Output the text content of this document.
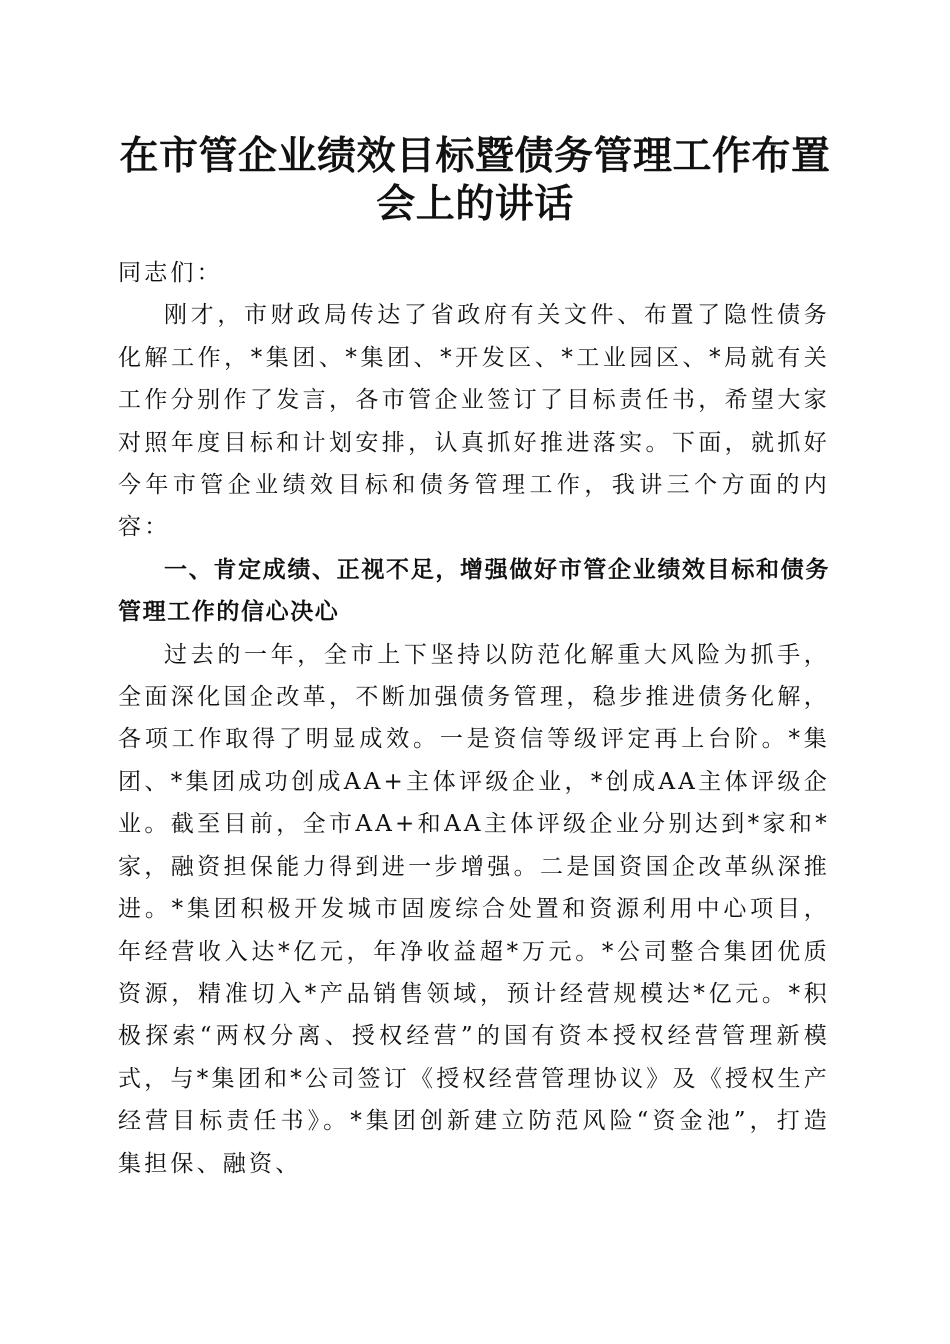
在市管企业绩效目标暨债务管理工作布置会上的讲话

同志们：

刚才，市财政局传达了省政府有关文件、布置了隐性债务化解工作，*集团、*集团、*开发区、*工业园区、*局就有关工作分别作了发言，各市管企业签订了目标责任书，希望大家对照年度目标和计划安排，认真抓好推进落实。下面，就抓好今年市管企业绩效目标和债务管理工作，我讲三个方面的内容：

一、肯定成绩、正视不足，增强做好市管企业绩效目标和债务管理工作的信心决心

过去的一年，全市上下坚持以防范化解重大风险为抓手，全面深化国企改革，不断加强债务管理，稳步推进债务化解，各项工作取得了明显成效。一是资信等级评定再上台阶。*集团、*集团成功创成AA+主体评级企业，*创成AA主体评级企业。截至目前，全市AA+和AA主体评级企业分别达到*家和*家，融资担保能力得到进一步增强。二是国资国企改革纵深推进。*集团积极开发城市固废综合处置和资源利用中心项目，年经营收入达*亿元，年净收益超*万元。*公司整合集团优质资源，精准切入*产品销售领域，预计经营规模达*亿元。*积极探索“两权分离、授权经营”的国有资本授权经营管理新模式，与*集团和*公司签订《授权经营管理协议》及《授权生产经营目标责任书》。*集团创新建立防范风险“资金池”，打造集担保、融资、
